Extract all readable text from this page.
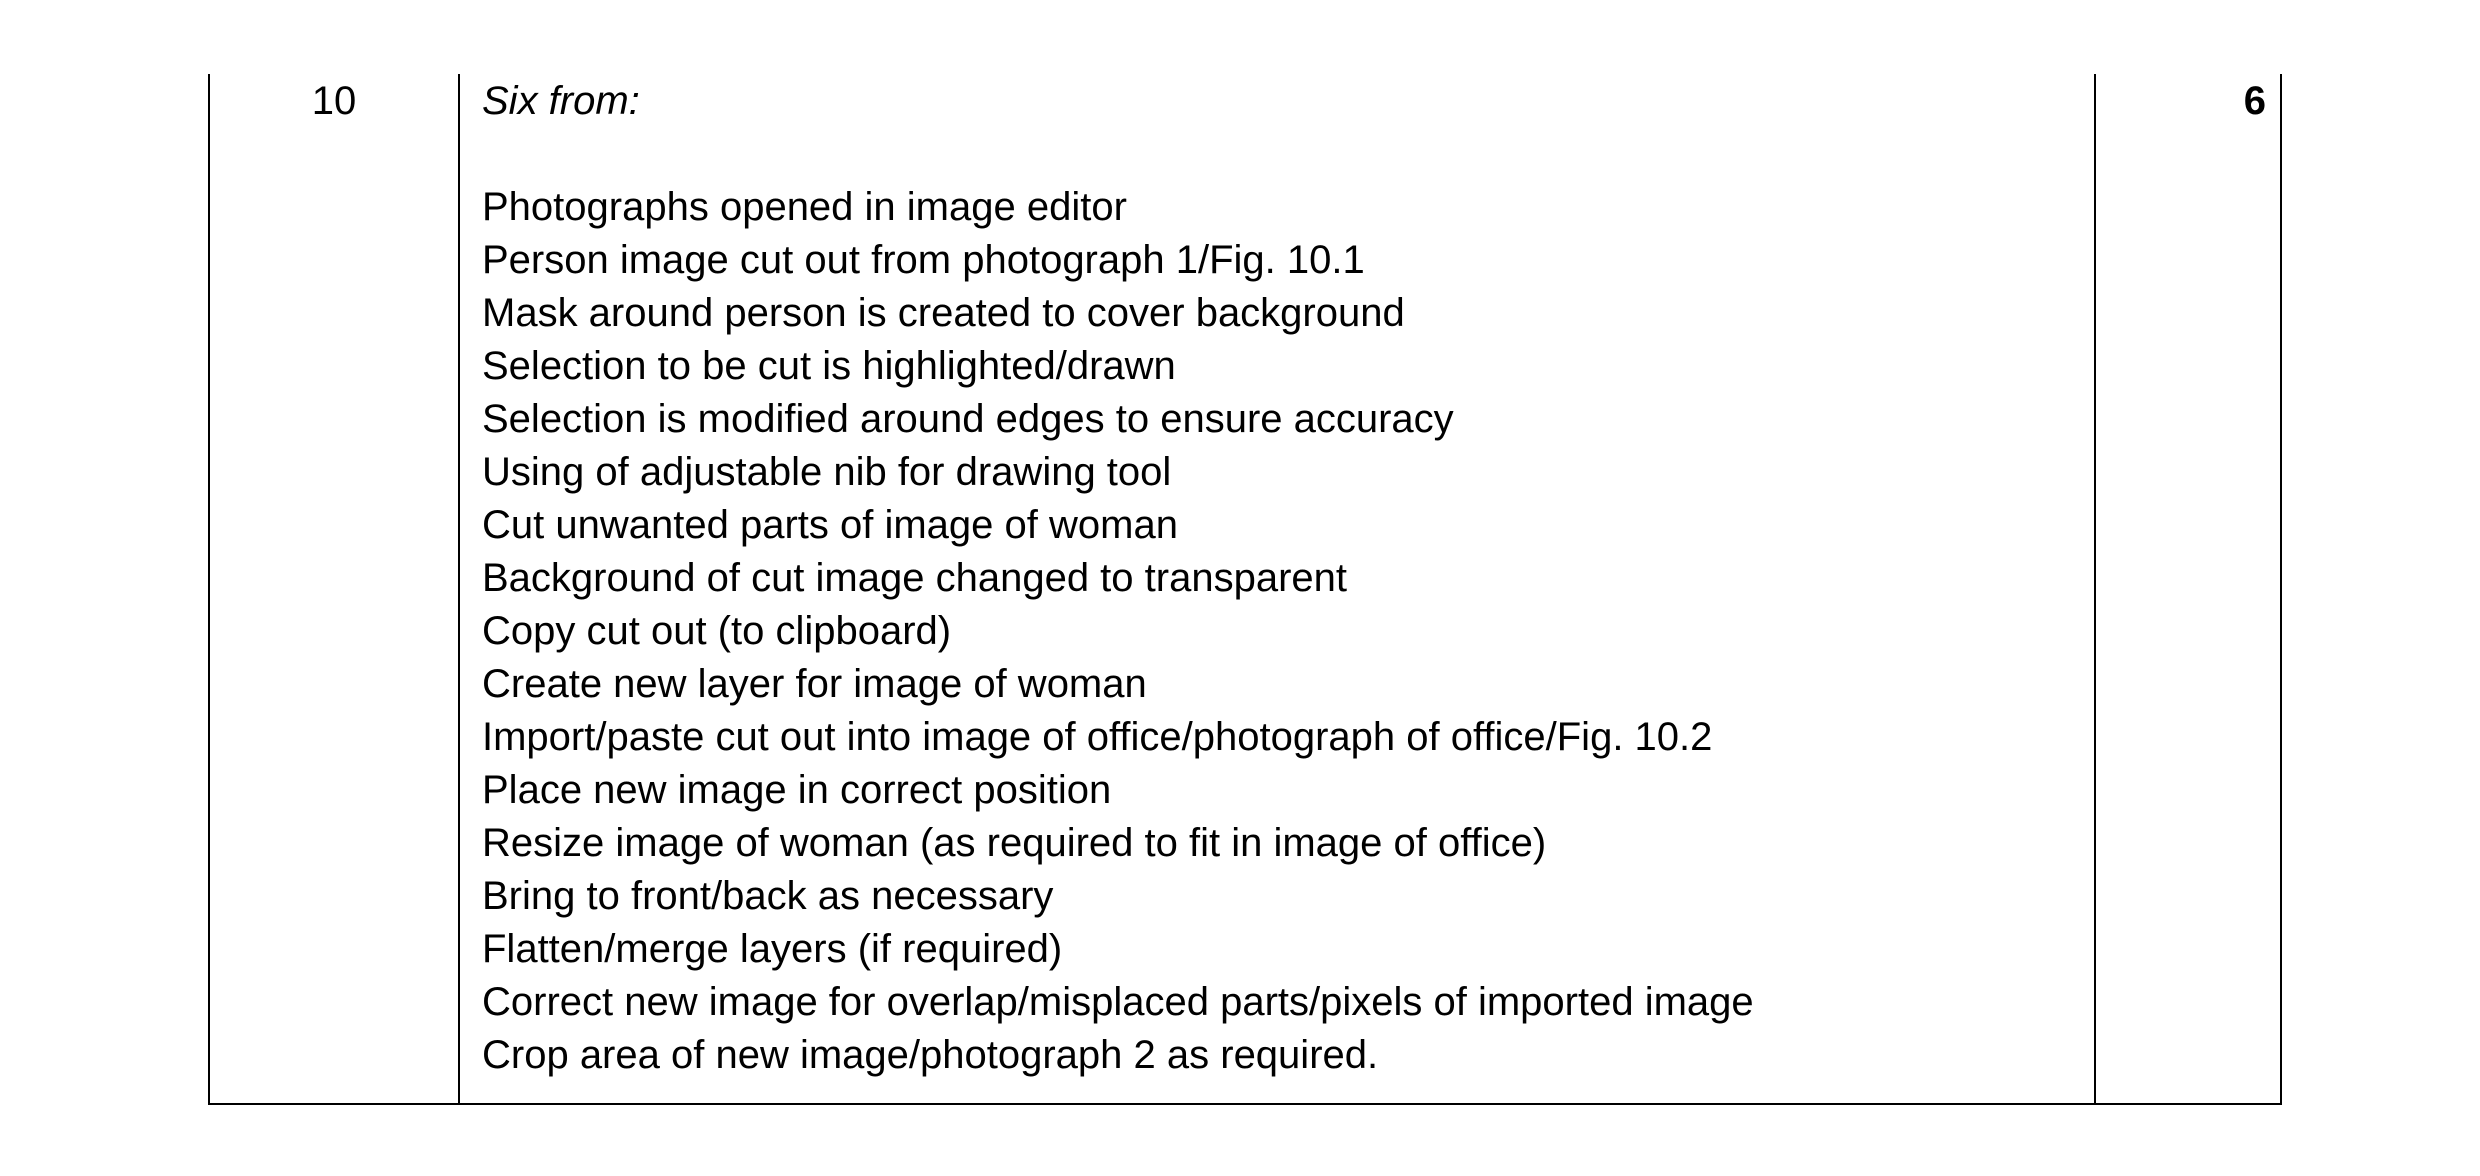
10	Six from:

Photographs opened in image editor
Person image cut out from photograph 1/Fig. 10.1
Mask around person is created to cover background
Selection to be cut is highlighted/drawn
Selection is modified around edges to ensure accuracy
Using of adjustable nib for drawing tool
Cut unwanted parts of image of woman
Background of cut image changed to transparent
Copy cut out (to clipboard)
Create new layer for image of woman
Import/paste cut out into image of office/photograph of office/Fig. 10.2
Place new image in correct position
Resize image of woman (as required to fit in image of office)
Bring to front/back as necessary
Flatten/merge layers (if required)
Correct new image for overlap/misplaced parts/pixels of imported image
Crop area of new image/photograph 2 as required.
6
